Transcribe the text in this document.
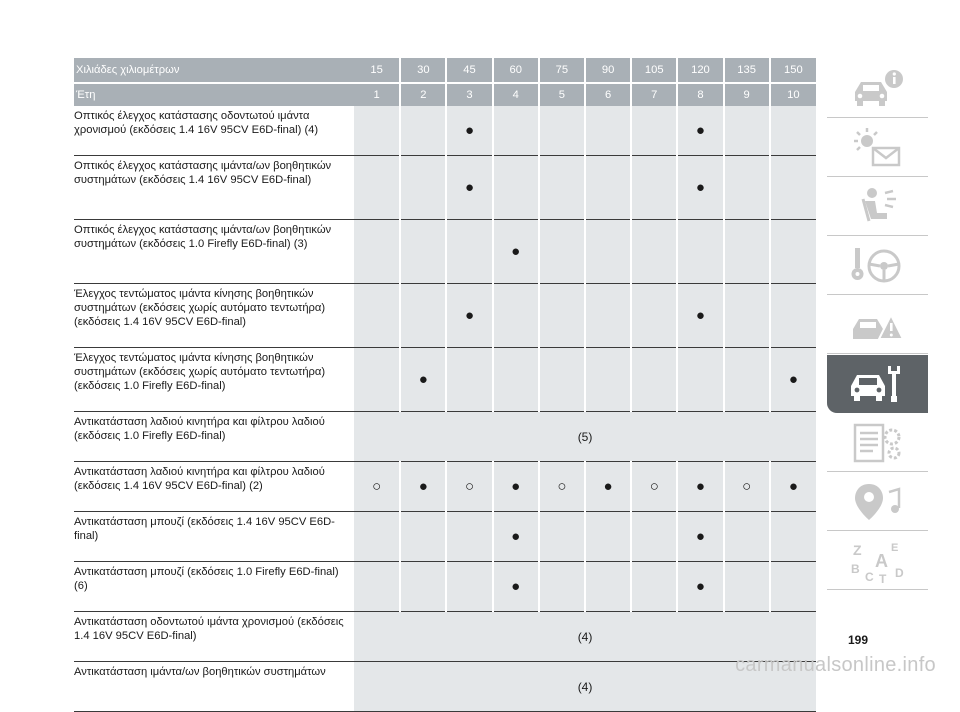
Χιλιάδες χιλιομέτρων	15	30	45	60	75	90	105	120	135	150
Έτη	1	2	3	4	5	6	7	8	9	10
Οπτικός έλεγχος κατάστασης οδοντωτού ιμάντα χρονισμού (εκδόσεις 1.4 16V 95CV E6D-final) (4)			●					●		
Οπτικός έλεγχος κατάστασης ιμάντα/ων βοηθητικών συστημάτων (εκδόσεις 1.4 16V 95CV E6D-final)			●					●		
Οπτικός έλεγχος κατάστασης ιμάντα/ων βοηθητικών συστημάτων (εκδόσεις 1.0 Firefly E6D-final) (3)				●						
Έλεγχος τεντώματος ιμάντα κίνησης βοηθητικών συστημάτων (εκδόσεις χωρίς αυτόματο τεντωτήρα) (εκδόσεις 1.4 16V 95CV E6D-final)			●					●		
Έλεγχος τεντώματος ιμάντα κίνησης βοηθητικών συστημάτων (εκδόσεις χωρίς αυτόματο τεντωτήρα) (εκδόσεις 1.0 Firefly E6D-final)		●								●
Αντικατάσταση λαδιού κινητήρα και φίλτρου λαδιού (εκδόσεις 1.0 Firefly E6D-final)	(5)									
Αντικατάσταση λαδιού κινητήρα και φίλτρου λαδιού (εκδόσεις 1.4 16V 95CV E6D-final) (2)	○	●	○	●	○	●	○	●	○	●
Αντικατάσταση μπουζί (εκδόσεις 1.4 16V 95CV E6D-final)				●				●		
Αντικατάσταση μπουζί (εκδόσεις 1.0 Firefly E6D-final) (6)				●				●		
Αντικατάσταση οδοντωτού ιμάντα χρονισμού (εκδόσεις 1.4 16V 95CV E6D-final)	(4)									
Αντικατάσταση ιμάντα/ων βοηθητικών συστημάτων	(4)									
Z	E
A
B
C T D
199
carmanualsonline.info
